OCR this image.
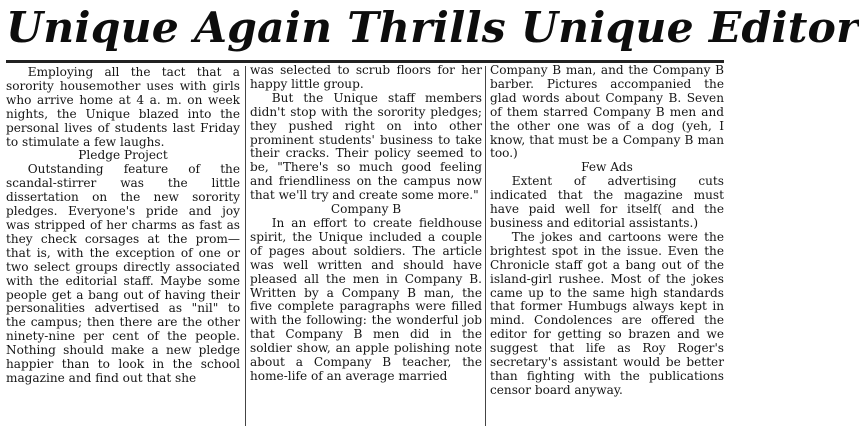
Unique Again Thrills Unique Editor

Employing all the tact that a sorority housemother uses with girls who arrive home at 4 a. m. on week nights, the Unique blazed into the personal lives of students last Friday to stimulate a few laughs.

Pledge Project

Outstanding feature of the scandal-stirrer was the little dissertation on the new sorority pledges. Everyone's pride and joy was stripped of her charms as fast as they check corsages at the prom—that is, with the exception of one or two select groups directly associated with the editorial staff. Maybe some people get a bang out of having their personalities advertised as "nil" to the campus; then there are the other ninety-nine per cent of the people. Nothing should make a new pledge happier than to look in the school magazine and find out that she

was selected to scrub floors for her happy little group.

But the Unique staff members didn't stop with the sorority pledges; they pushed right on into other prominent students' business to take their cracks. Their policy seemed to be, "There's so much good feeling and friendliness on the campus now that we'll try and create some more."

Company B

In an effort to create fieldhouse spirit, the Unique included a couple of pages about soldiers. The article was well written and should have pleased all the men in Company B. Written by a Company B man, the five complete paragraphs were filled with the following: the wonderful job that Company B men did in the soldier show, an apple polishing note about a Company B teacher, the home-life of an average married

Company B man, and the Company B barber. Pictures accompanied the glad words about Company B. Seven of them starred Company B men and the other one was of a dog (yeh, I know, that must be a Company B man too.)

Few Ads

Extent of advertising cuts indicated that the magazine must have paid well for itself( and the business and editorial assistants.)

The jokes and cartoons were the brightest spot in the issue. Even the Chronicle staff got a bang out of the island-girl rushee. Most of the jokes came up to the same high standards that former Humbugs always kept in mind. Condolences are offered the editor for getting so brazen and we suggest that life as Roy Roger's secretary's assistant would be better than fighting with the publications censor board anyway.
